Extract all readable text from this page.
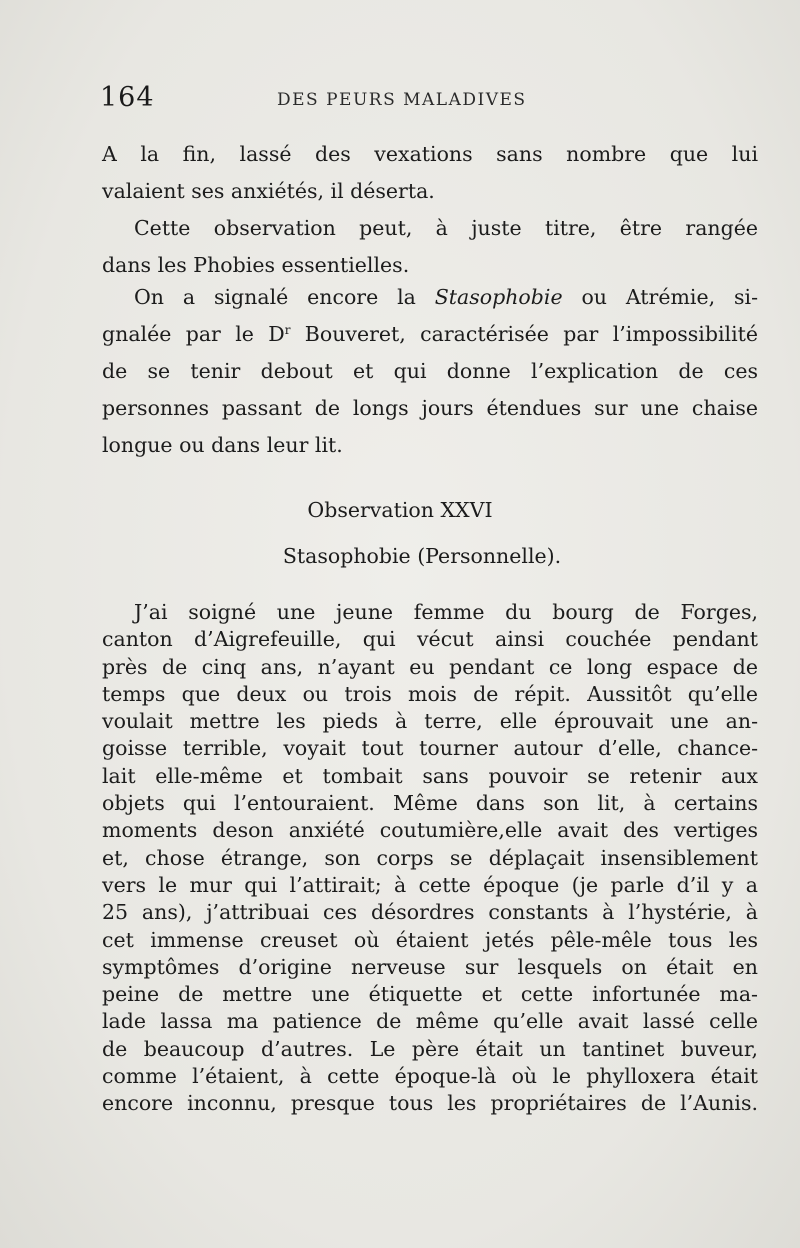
164	DES PEURS MALADIVES
A la fin, lassé des vexations sans nombre que lui
valaient ses anxiétés, il déserta.
Cette observation peut, à juste titre, être rangée
dans les Phobies essentielles.
On a signalé encore la Stasophobie ou Atrémie, si-
gnalée par le $D^r$ Bouveret, caractérisée par l’impossibilité
de se tenir debout et qui donne l’explication de ces
personnes passant de longs jours étendues sur une chaise
longue ou dans leur lit.
Observation XXVI
Stasophobie (Personnelle).
J’ai soigné une jeune femme du bourg de Forges,
canton d’Aigrefeuille, qui vécut ainsi couchée pendant
près de cinq ans, n’ayant eu pendant ce long espace de
temps que deux ou trois mois de répit. Aussitôt qu’elle
voulait mettre les pieds à terre, elle éprouvait une an-
goisse terrible, voyait tout tourner autour d’elle, chance-
lait elle-même et tombait sans pouvoir se retenir aux
objets qui l’entouraient. Même dans son lit, à certains
moments deson anxiété coutumière,elle avait des vertiges
et, chose étrange, son corps se déplaçait insensiblement
vers le mur qui l’attirait; à cette époque (je parle d’il y a
25 ans), j’attribuai ces désordres constants à l’hystérie, à
cet immense creuset où étaient jetés pêle-mêle tous les
symptômes d’origine nerveuse sur lesquels on était en
peine de mettre une étiquette et cette infortunée ma-
lade lassa ma patience de même qu’elle avait lassé celle
de beaucoup d’autres. Le père était un tantinet buveur,
comme l’étaient, à cette époque-là où le phylloxera était
encore inconnu, presque tous les propriétaires de l’Aunis.
